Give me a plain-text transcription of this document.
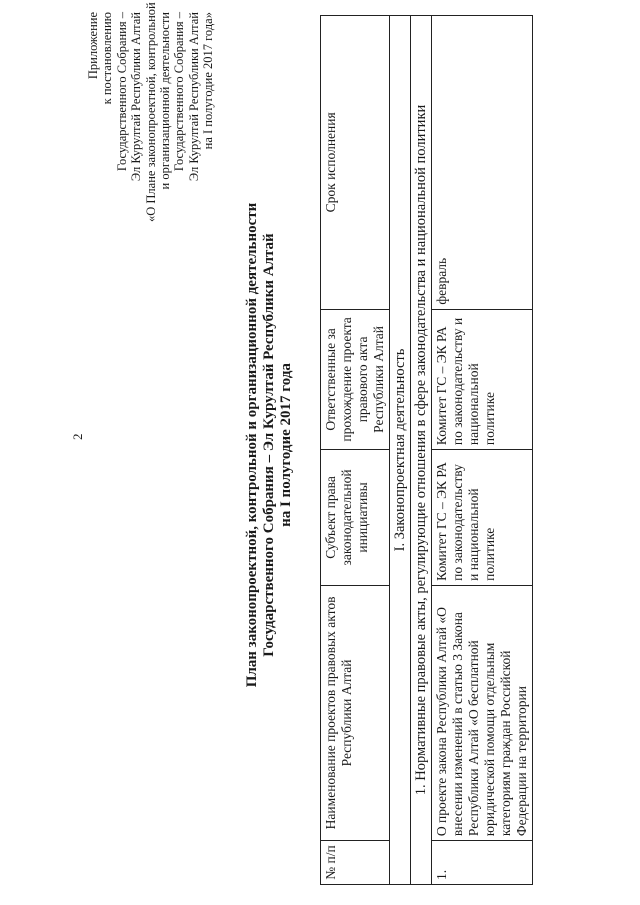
2
Приложение к постановлению Государственного Собрания – Эл Курултай Республики Алтай «О Плане законопроектной, контрольной и организационной деятельности Государственного Собрания – Эл Курултай Республики Алтай на I полугодие 2017 года»
План законопроектной, контрольной и организационной деятельности Государственного Собрания – Эл Курултай Республики Алтай на I полугодие 2017 года
№ п/п	Наименование проектов правовых актов Республики Алтай	Субъект права законодательной инициативы	Ответственные за прохождение проекта правового акта Республики Алтай	Срок исполнения
I. Законопроектная деятельность				
1. Нормативные правовые акты, регулирующие отношения в сфере законодательства и национальной политики				
1.	О проекте закона Республики Алтай «О внесении изменений в статью 3 Закона Республики Алтай «О бесплатной юридической помощи отдельным категориям граждан Российской Федерации на территории	Комитет ГС – ЭК РА по законодательству и национальной политике	Комитет ГС – ЭК РА по законодательству и национальной политике	февраль
